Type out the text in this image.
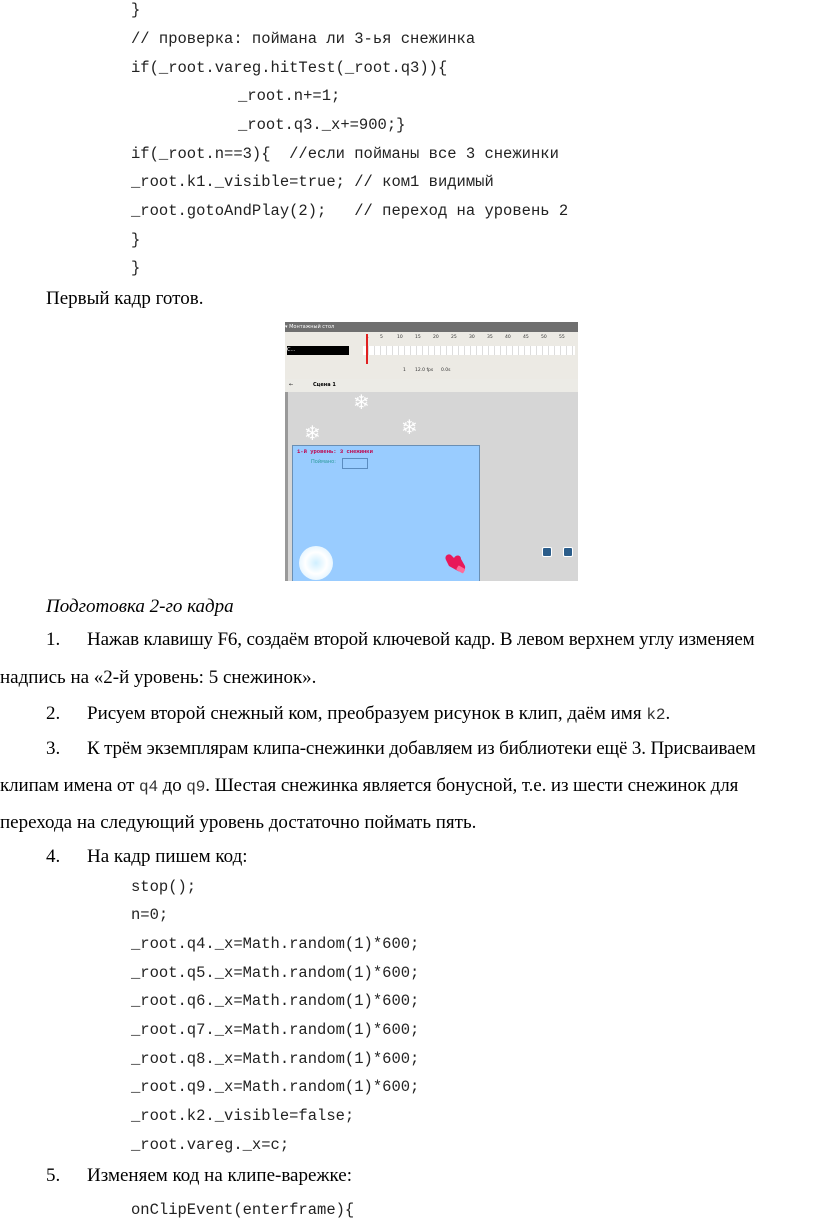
}
// проверка: поймана ли 3-ья снежинка
if(_root.vareg.hitTest(_root.q3)){
_root.n+=1;
_root.q3._x+=900;}
if(_root.n==3){  //если пойманы все 3 снежинки
_root.k1._visible=true; // ком1 видимый
_root.gotoAndPlay(2);   // переход на уровень 2
}
}
Первый кадр готов.
▾ Монтажный стол
5	10	15	20	25	30	35	40	45	50	55
С...
1 12.0 fps 0.0s
←	Сцена 1
❄
❄
❄
1-й уровень: 3 снежинки
Поймано:
Подготовка 2-го кадра
1. Нажав клавишу F6, создаём второй ключевой кадр. В левом верхнем углу изменяем
надпись на «2-й уровень: 5 снежинок».
2. Рисуем второй снежный ком, преобразуем рисунок в клип, даём имя k2.
3. К трём экземплярам клипа-снежинки добавляем из библиотеки ещё 3. Присваиваем
клипам имена от q4 до q9. Шестая снежинка является бонусной, т.е. из шести снежинок для
перехода на следующий уровень достаточно поймать пять.
4. На кадр пишем код:
stop();
n=0;
_root.q4._x=Math.random(1)*600;
_root.q5._x=Math.random(1)*600;
_root.q6._x=Math.random(1)*600;
_root.q7._x=Math.random(1)*600;
_root.q8._x=Math.random(1)*600;
_root.q9._x=Math.random(1)*600;
_root.k2._visible=false;
_root.vareg._x=c;
5. Изменяем код на клипе-варежке:
onClipEvent(enterframe){
